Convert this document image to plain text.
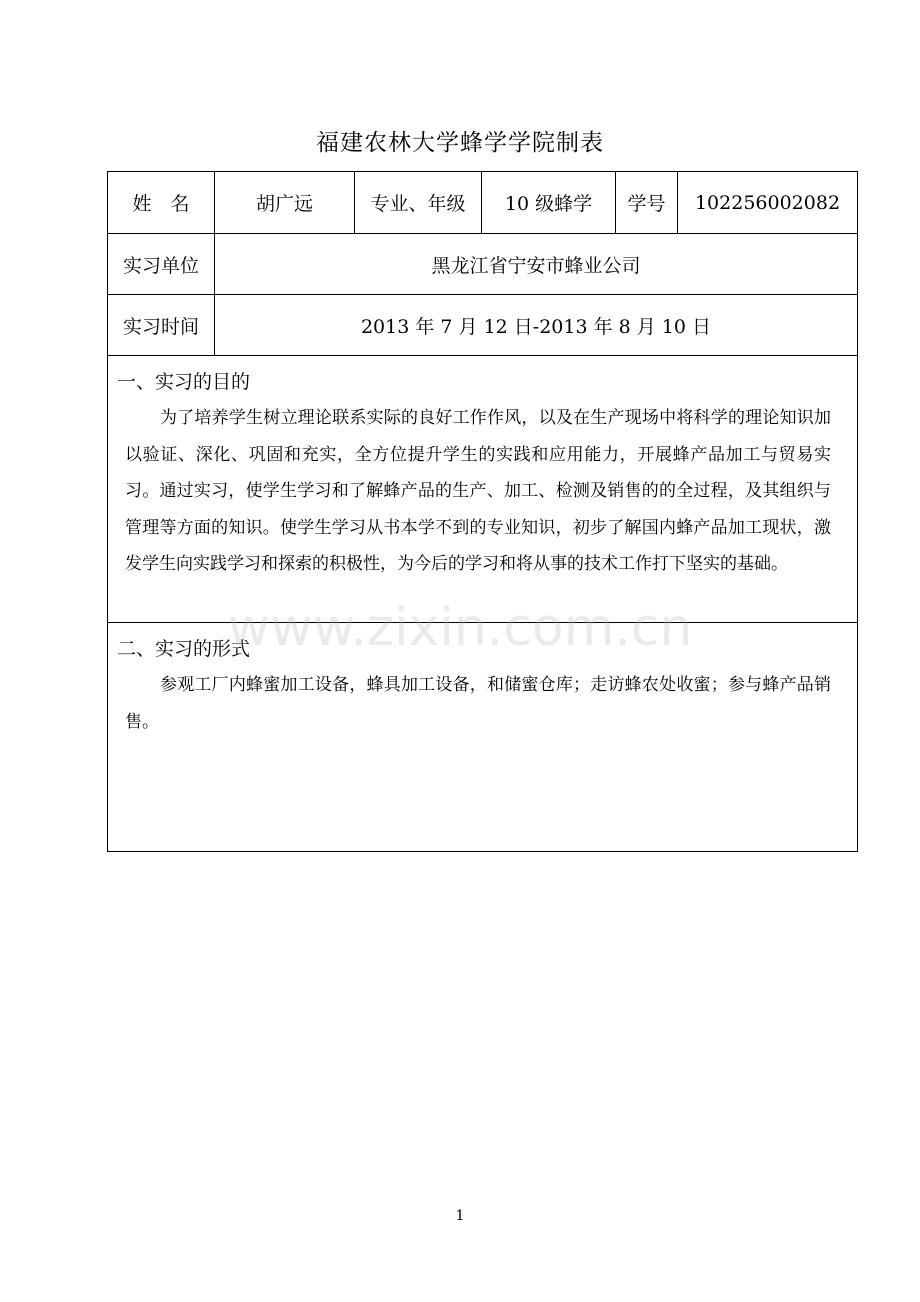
福建农林大学蜂学学院制表
姓　名	胡广远	专业、年级	10 级蜂学	学号	102256002082
实习单位	黑龙江省宁安市蜂业公司				
实习时间	2013 年 7 月 12 日-2013 年 8 月 10 日				

一、实习的目的
为了培养学生树立理论联系实际的良好工作作风，以及在生产现场中将科学的理论知识加以验证、深化、巩固和充实，全方位提升学生的实践和应用能力，开展蜂产品加工与贸易实习。通过实习，使学生学习和了解蜂产品的生产、加工、检测及销售的的全过程，及其组织与管理等方面的知识。使学生学习从书本学不到的专业知识，初步了解国内蜂产品加工现状，激发学生向实践学习和探索的积极性，为今后的学习和将从事的技术工作打下坚实的基础。					

二、实习的形式
参观工厂内蜂蜜加工设备，蜂具加工设备，和储蜜仓库；走访蜂农处收蜜；参与蜂产品销售。					
www.zixin.com.cn
1
